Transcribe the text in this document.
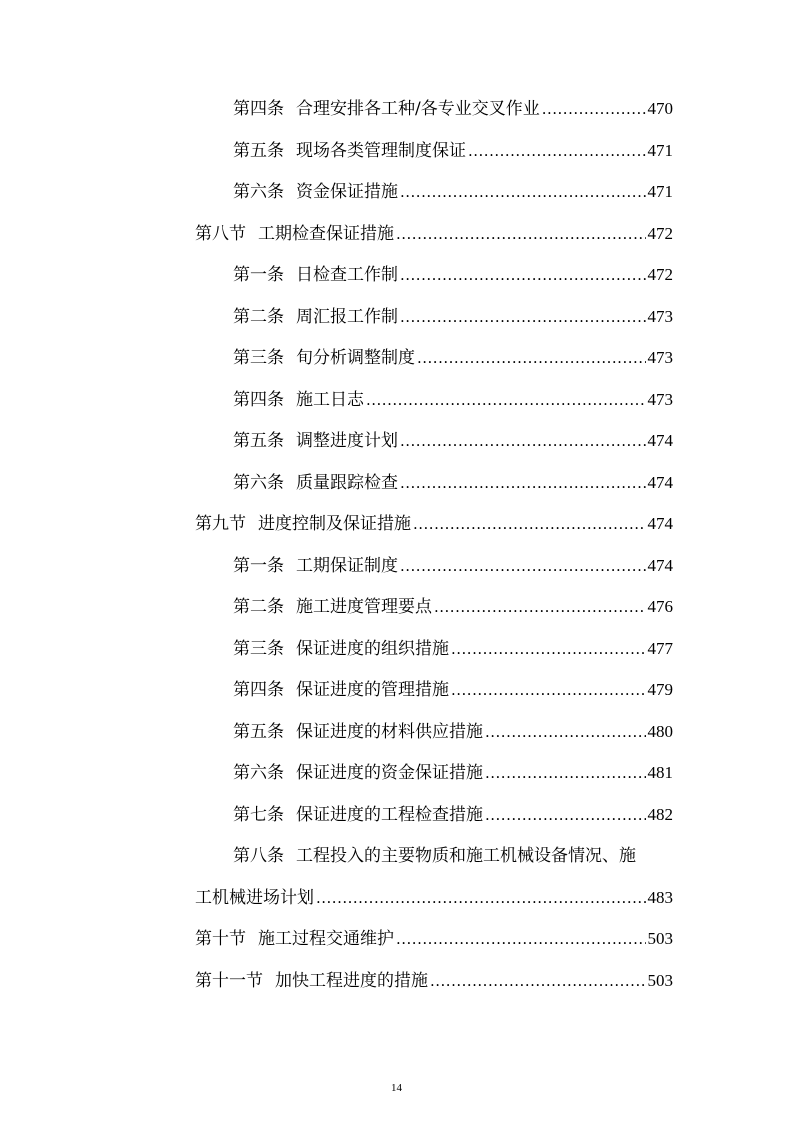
第四条 合理安排各工种/各专业交叉作业 .....	470
第五条 现场各类管理制度保证 .....	471
第六条 资金保证措施 .....	471
第八节 工期检查保证措施 .....	472
第一条 日检查工作制 .....	472
第二条 周汇报工作制 .....	473
第三条 旬分析调整制度 .....	473
第四条 施工日志 .....	473
第五条 调整进度计划 .....	474
第六条 质量跟踪检查 .....	474
第九节 进度控制及保证措施 .....	474
第一条 工期保证制度 .....	474
第二条 施工进度管理要点 .....	476
第三条 保证进度的组织措施 .....	477
第四条 保证进度的管理措施 .....	479
第五条 保证进度的材料供应措施 .....	480
第六条 保证进度的资金保证措施 .....	481
第七条 保证进度的工程检查措施 .....	482
第八条 工程投入的主要物质和施工机械设备情况、施
工机械进场计划 .....	483
第十节 施工过程交通维护 .....	503
第十一节 加快工程进度的措施 .....	503
14
